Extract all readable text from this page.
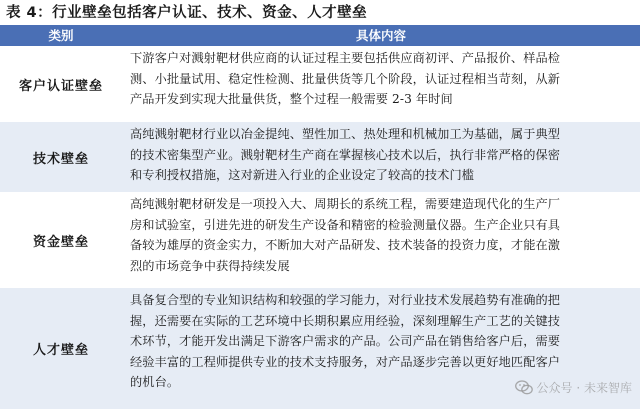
表 4：行业壁垒包括客户认证、技术、资金、人才壁垒
类别	具体内容
客户认证壁垒
下游客户对溅射靶材供应商的认证过程主要包括供应商初评、产品报价、样品检
测、小批量试用、稳定性检测、批量供货等几个阶段，认证过程相当苛刻，从新
产品开发到实现大批量供货，整个过程一般需要 2-3 年时间
技术壁垒
高纯溅射靶材行业以冶金提纯、塑性加工、热处理和机械加工为基础，属于典型
的技术密集型产业。溅射靶材生产商在掌握核心技术以后，执行非常严格的保密
和专利授权措施，这对新进入行业的企业设定了较高的技术门槛
资金壁垒
高纯溅射靶材研发是一项投入大、周期长的系统工程，需要建造现代化的生产厂
房和试验室，引进先进的研发生产设备和精密的检验测量仪器。生产企业只有具
备较为雄厚的资金实力，不断加大对产品研发、技术装备的投资力度，才能在激
烈的市场竞争中获得持续发展
人才壁垒
具备复合型的专业知识结构和较强的学习能力，对行业技术发展趋势有准确的把
握，还需要在实际的工艺环境中长期积累应用经验，深刻理解生产工艺的关键技
术环节，才能开发出满足下游客户需求的产品。公司产品在销售给客户后，需要
经验丰富的工程师提供专业的技术支持服务，对产品逐步完善以更好地匹配客户
的机台。	公众号 · 未来智库
